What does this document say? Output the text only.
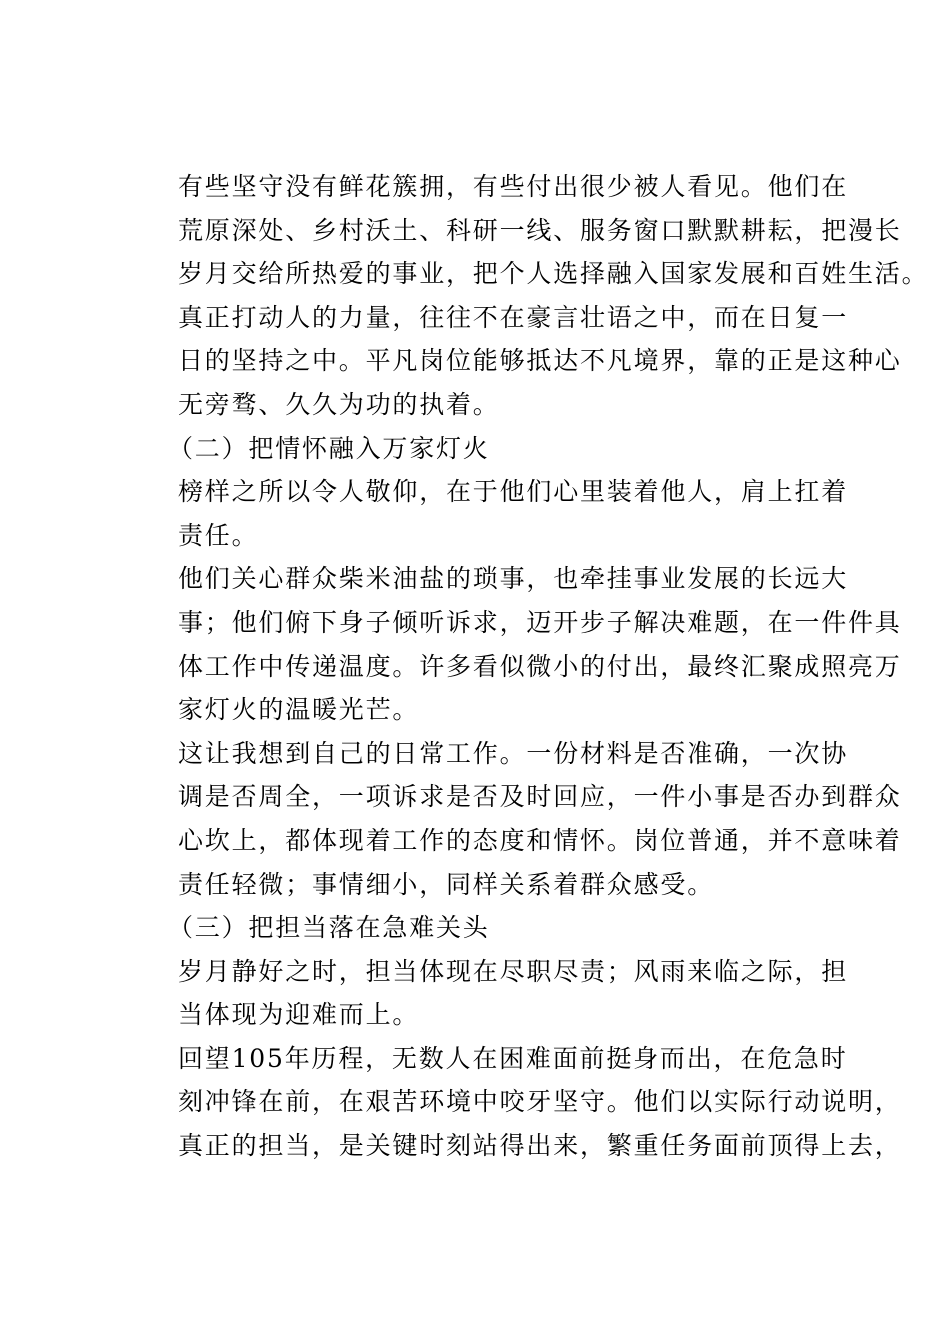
有些坚守没有鲜花簇拥，有些付出很少被人看见。他们在
荒原深处、乡村沃土、科研一线、服务窗口默默耕耘，把漫长
岁月交给所热爱的事业，把个人选择融入国家发展和百姓生活。

真正打动人的力量，往往不在豪言壮语之中，而在日复一
日的坚持之中。平凡岗位能够抵达不凡境界，靠的正是这种心
无旁骛、久久为功的执着。

（二）把情怀融入万家灯火

榜样之所以令人敬仰，在于他们心里装着他人，肩上扛着
责任。

他们关心群众柴米油盐的琐事，也牵挂事业发展的长远大
事；他们俯下身子倾听诉求，迈开步子解决难题，在一件件具
体工作中传递温度。许多看似微小的付出，最终汇聚成照亮万
家灯火的温暖光芒。

这让我想到自己的日常工作。一份材料是否准确，一次协
调是否周全，一项诉求是否及时回应，一件小事是否办到群众
心坎上，都体现着工作的态度和情怀。岗位普通，并不意味着
责任轻微；事情细小，同样关系着群众感受。

（三）把担当落在急难关头

岁月静好之时，担当体现在尽职尽责；风雨来临之际，担
当体现为迎难而上。

回望105年历程，无数人在困难面前挺身而出，在危急时
刻冲锋在前，在艰苦环境中咬牙坚守。他们以实际行动说明，
真正的担当，是关键时刻站得出来，繁重任务面前顶得上去，
